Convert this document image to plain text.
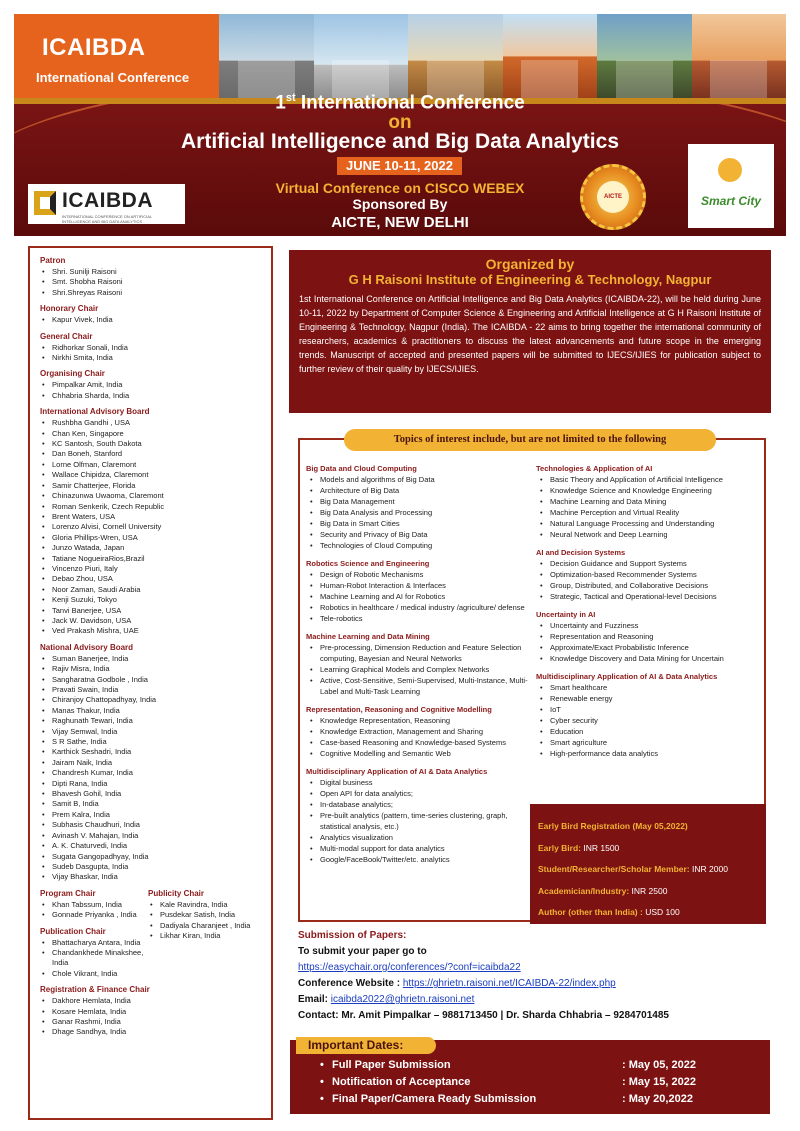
ICAIBDA
International Conference
1st International Conference
on
Artificial Intelligence and Big Data Analytics
JUNE 10-11, 2022
Virtual Conference on CISCO WEBEX
Sponsored By
AICTE, NEW DELHI
ICAIBDA
INTERNATIONAL CONFERENCE ON ARTIFICIAL INTELLIGENCE AND BIG DATA ANALYTICS
AICTE	Smart City
Patron
• Shri. Sunilji Raisoni
• Smt. Shobha Raisoni
• Shri.Shreyas Raisoni
Honorary Chair
• Kapur Vivek, India
General Chair
• Ridhorkar Sonali, India
• Nirkhi Smita, India
Organising Chair
• Pimpalkar Amit, India
• Chhabria Sharda, India
International Advisory Board
• Rushbha Gandhi , USA
• Chan Ken, Singapore
• KC Santosh, South Dakota
• Dan Boneh, Stanford
• Lorne Olfman, Claremont
• Wallace Chipidza, Claremont
• Samir Chatterjee, Florida
• Chinazunwa Uwaoma, Claremont
• Roman Senkerik, Czech Republic
• Brent Waters, USA
• Lorenzo Alvisi, Cornell University
• Gloria Phillips-Wren, USA
• Junzo Watada, Japan
• Tatiane NogueiraRios,Brazil
• Vincenzo Piuri, Italy
• Debao Zhou, USA
• Noor Zaman, Saudi Arabia
• Kenji Suzuki, Tokyo
• Tanvi Banerjee, USA
• Jack W. Davidson, USA
• Ved Prakash Mishra, UAE
National Advisory Board
• Suman Banerjee, India
• Rajiv Misra, India
• Sangharatna Godbole , India
• Pravati Swain, India
• Chiranjoy Chattopadhyay, India
• Manas Thakur, India
• Raghunath Tewari, India
• Vijay Semwal, India
• S R Sathe, India
• Karthick Seshadri, India
• Jairam Naik, India
• Chandresh Kumar, India
• Dipti Rana, India
• Bhavesh Gohil, India
• Samit B, India
• Prem Kalra, India
• Subhasis Chaudhuri, India
• Avinash V. Mahajan, India
• A. K. Chaturvedi, India
• Sugata Gangopadhyay, India
• Sudeb Dasgupta, India
• Vijay Bhaskar, India
Program Chair
• Khan Tabssum, India
• Gonnade Priyanka , India
Publication Chair
• Bhattacharya Antara, India
• Chandankhede Minakshee, India
• Chole Vikrant, India
Publicity Chair
• Kale Ravindra, India
• Pusdekar Satish, India
• Dadiyala Charanjeet , India
• Likhar Kiran, India
Registration & Finance Chair
• Dakhore Hemlata, India
• Kosare Hemlata, India
• Ganar Rashmi, India
• Dhage Sandhya, India
Organized by
G H Raisoni Institute of Engineering & Technology, Nagpur
1st International Conference on Artificial Intelligence and Big Data Analytics (ICAIBDA-22), will be held during June 10-11, 2022 by Department of Computer Science & Engineering and Artificial Intelligence at G H Raisoni Institute of Engineering & Technology, Nagpur (India). The ICAIBDA - 22 aims to bring together the international community of researchers, academics & practitioners to discuss the latest advancements and future scope in the emerging trends. Manuscript of accepted and presented papers will be submitted to IJECS/IJIES for publication subject to further review of their quality by IJECS/IJIES.
Big Data and Cloud Computing
• Models and algorithms of Big Data
• Architecture of Big Data
• Big Data Management
• Big Data Analysis and Processing
• Big Data in Smart Cities
• Security and Privacy of Big Data
• Technologies of Cloud Computing
Robotics Science and Engineering
• Design of Robotic Mechanisms
• Human-Robot Interaction & Interfaces
• Machine Learning and AI for Robotics
• Robotics in healthcare / medical industry /agriculture/ defense
• Tele-robotics
Machine Learning and Data Mining
• Pre-processing, Dimension Reduction and Feature Selection computing, Bayesian and Neural Networks
• Learning Graphical Models and Complex Networks
• Active, Cost-Sensitive, Semi-Supervised, Multi-Instance, Multi-Label and Multi-Task Learning
Representation, Reasoning and Cognitive Modelling
• Knowledge Representation, Reasoning
• Knowledge Extraction, Management and Sharing
• Case-based Reasoning and Knowledge-based Systems
• Cognitive Modelling and Semantic Web
Multidisciplinary Application of AI & Data Analytics
• Digital business
• Open API for data analytics;
• In-database analytics;
• Pre-built analytics (pattern, time-series clustering, graph, statistical analysis, etc.)
• Analytics visualization
• Multi-modal support for data analytics
• Google/FaceBook/Twitter/etc. analytics
Technologies & Application of AI
• Basic Theory and Application of Artificial Intelligence
• Knowledge Science and Knowledge Engineering
• Machine Learning and Data Mining
• Machine Perception and Virtual Reality
• Natural Language Processing and Understanding
• Neural Network and Deep Learning
AI and Decision Systems
• Decision Guidance and Support Systems
• Optimization-based Recommender Systems
• Group, Distributed, and Collaborative Decisions
• Strategic, Tactical and Operational-level Decisions
Uncertainty in AI
• Uncertainty and Fuzziness
• Representation and Reasoning
• Approximate/Exact Probabilistic Inference
• Knowledge Discovery and Data Mining for Uncertain
Multidisciplinary Application of AI & Data Analytics
• Smart healthcare
• Renewable energy
• IoT
• Cyber security
• Education
• Smart agriculture
• High-performance data analytics
Topics of interest include, but are not limited to the following
Early Bird Registration (May 05,2022)
Early Bird: INR 1500
Student/Researcher/Scholar Member: INR 2000
Academician/Industry: INR 2500
Author (other than India) : USD 100
Submission of Papers:
To submit your paper go to
https://easychair.org/conferences/?conf=icaibda22
Conference Website : https://ghrietn.raisoni.net/ICAIBDA-22/index.php
Email: icaibda2022@ghrietn.raisoni.net
Contact: Mr. Amit Pimpalkar – 9881713450 | Dr. Sharda Chhabria – 9284701485
Important Dates:
• Full Paper Submission	: May 05, 2022
• Notification of Acceptance	: May 15, 2022
• Final Paper/Camera Ready Submission	: May 20,2022
